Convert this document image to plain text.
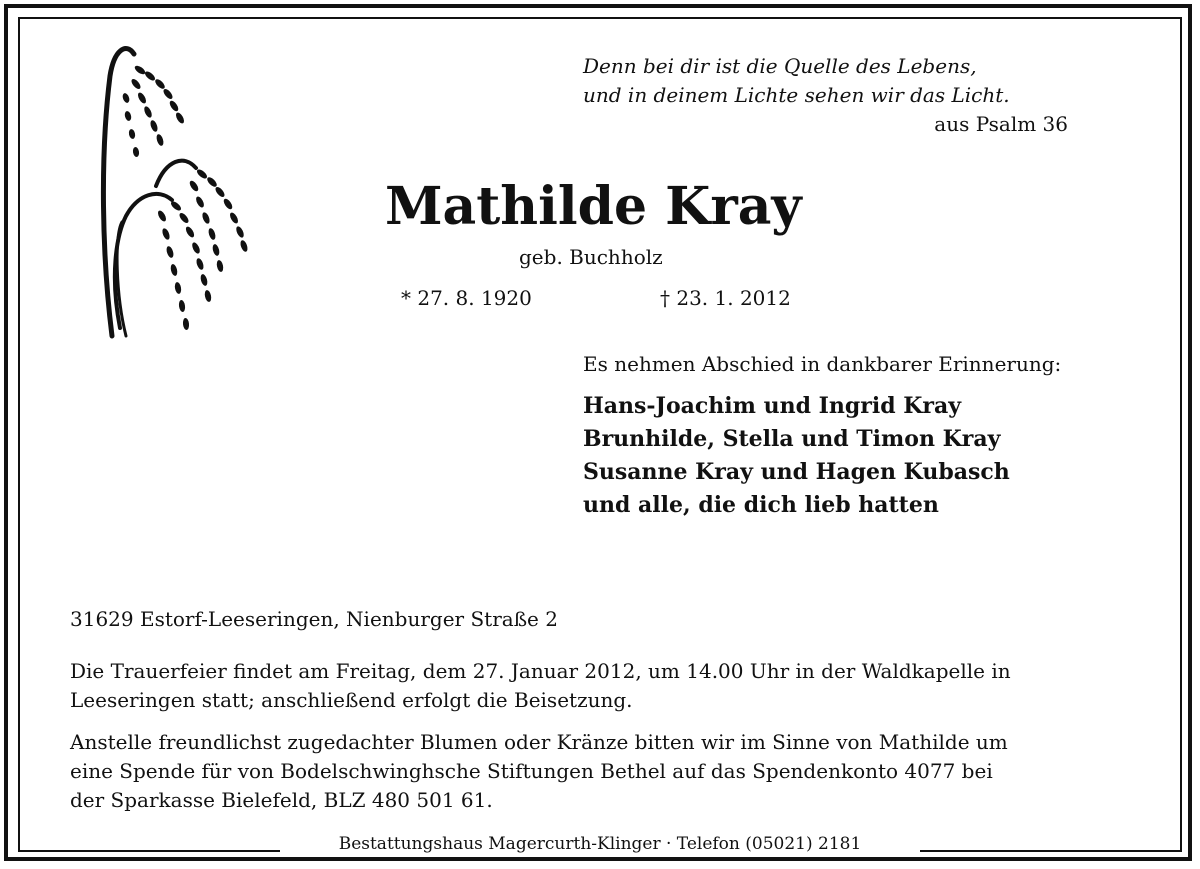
Denn bei dir ist die Quelle des Lebens,
und in deinem Lichte sehen wir das Licht.
aus Psalm 36
Mathilde Kray
geb. Buchholz
* 27. 8. 1920	† 23. 1. 2012
Es nehmen Abschied in dankbarer Erinnerung:
Hans-Joachim und Ingrid Kray
Brunhilde, Stella und Timon Kray
Susanne Kray und Hagen Kubasch
und alle, die dich lieb hatten
31629 Estorf-Leeseringen, Nienburger Straße 2
Die Trauerfeier findet am Freitag, dem 27. Januar 2012, um 14.00 Uhr in der Waldkapelle in
Leeseringen statt; anschließend erfolgt die Beisetzung.
Anstelle freundlichst zugedachter Blumen oder Kränze bitten wir im Sinne von Mathilde um
eine Spende für von Bodelschwinghsche Stiftungen Bethel auf das Spendenkonto 4077 bei
der Sparkasse Bielefeld, BLZ 480 501 61.
Bestattungshaus Magercurth-Klinger · Telefon (05021) 2181
